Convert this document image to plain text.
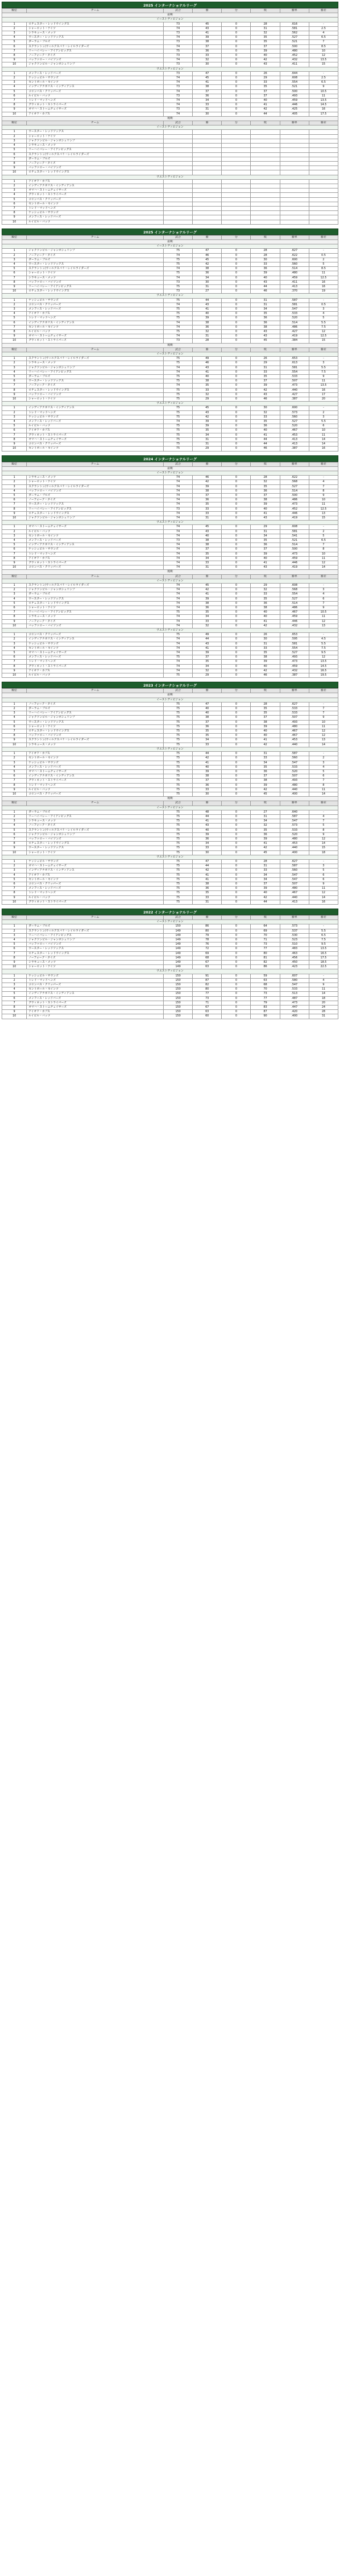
2025 インターナショナルリーグ
順位	チーム	試合	勝	分	敗	勝率	勝差
前期							
イーストディビジョン							
1	ロチェスター・レッドウイングス	73	45	0	28	.616	-
2	シャーロット・ナイツ	74	43	0	31	.581	2.5
3	シラキュース・メッツ	73	41	0	32	.562	4
4	ウースター・レッドソックス	74	39	0	35	.527	6.5
5	ダーラム・ブルズ	73	38	0	35	.521	7
6	スクラントン/ウィルクスバリ・レイルライダーズ	74	37	0	37	.500	8.5
7	リーハイバレー・アイアンピッグス	75	36	0	39	.480	10
8	ノーフォーク・タイズ	73	33	0	40	.452	12
9	バッファロー・バイソンズ	74	32	0	42	.432	13.5
10	ジャクソンビル・ジャンボシュリンプ	73	30	0	43	.411	15
ウエストディビジョン							
1	メンフィス・レッドバーズ	73	47	0	26	.644	-
2	ナッシュビル・サウンズ	74	45	0	29	.608	2.5
3	セントポール・セインツ	74	41	0	33	.554	6.5
4	インディアナポリス・インディアンス	73	38	0	35	.521	9
5	コロンバス・クリッパーズ	74	37	0	37	.500	10.5
6	ルイビル・バッツ	73	36	0	37	.493	11
7	トレド・マッドヘンズ	74	34	0	40	.459	13.5
8	グウィネット・ストライパーズ	74	33	0	41	.446	14.5
9	オマハ・ストームチェイサーズ	73	31	0	42	.425	16
10	アイオワ・カブス	74	30	0	44	.405	17.5
後期							
順位	チーム	試合	勝	分	敗	勝率	勝差
イーストディビジョン							
1	ウースター・レッドソックス						
2	シャーロット・ナイツ						
3	ジャクソンビル・ジャンボシュリンプ						
4	シラキュース・メッツ						
5	リーハイバレー・アイアンピッグス						
6	スクラントン/ウィルクスバリ・レイルライダーズ						
7	ダーラム・ブルズ						
8	ノーフォーク・タイズ						
9	バッファロー・バイソンズ						
10	ロチェスター・レッドウイングス						
ウエストディビジョン							
1	アイオワ・カブス						
2	インディアナポリス・インディアンス						
3	オマハ・ストームチェイサーズ						
4	グウィネット・ストライパーズ						
5	コロンバス・クリッパーズ						
6	セントポール・セインツ						
7	トレド・マッドヘンズ						
8	ナッシュビル・サウンズ						
9	メンフィス・レッドバーズ						
10	ルイビル・バッツ						
2025 インターナショナルリーグ
順位	チーム	試合	勝	分	敗	勝率	勝差
前期							
イーストディビジョン							
1	ジャクソンビル・ジャンボシュリンプ	75	47	0	28	.627	-
2	ノーフォーク・タイズ	74	46	0	28	.622	0.5
3	ダーラム・ブルズ	75	45	0	30	.600	2
4	ウースター・レッドソックス	75	42	0	33	.560	5
5	スクラントン/ウィルクスバリ・レイルライダーズ	74	38	0	36	.514	8.5
6	シャーロット・ナイツ	75	36	0	39	.480	11
7	シラキュース・メッツ	74	34	0	40	.459	12.5
8	バッファロー・バイソンズ	73	30	0	43	.411	16
9	リーハイバレー・アイアンピッグス	75	31	0	44	.413	16
10	ロチェスター・レッドウイングス	73	27	0	46	.370	19
ウエストディビジョン							
1	ナッシュビル・サウンズ	75	44	0	31	.587	-
2	コロンバス・クリッパーズ	74	43	0	31	.581	0.5
3	メンフィス・レッドバーズ	75	41	0	34	.547	3
4	アイオワ・カブス	75	40	0	35	.533	4
5	トレド・マッドヘンズ	75	39	0	36	.520	5
6	インディアナポリス・インディアンス	74	38	0	36	.514	5.5
7	セントポール・セインツ	74	36	0	38	.486	7.5
8	ルイビル・バッツ	75	32	0	43	.427	12
9	オマハ・ストームチェイサーズ	74	31	0	43	.419	12.5
10	グウィネット・ストライパーズ	73	28	0	45	.384	15
後期							
順位	チーム	試合	勝	分	敗	勝率	勝差
イーストディビジョン							
1	スクラントン/ウィルクスバリ・レイルライダーズ	75	49	0	26	.653	-
2	シラキュース・メッツ	75	46	0	29	.613	3
3	ジャクソンビル・ジャンボシュリンプ	74	43	0	31	.581	5.5
4	リーハイバレー・アイアンピッグス	74	41	0	33	.554	7.5
5	ダーラム・ブルズ	75	40	0	35	.533	9
6	ウースター・レッドソックス	75	38	0	37	.507	11
7	ノーフォーク・タイズ	74	35	0	39	.473	13.5
8	ロチェスター・レッドウイングス	75	33	0	42	.440	16
9	バッファロー・バイソンズ	75	32	0	43	.427	17
10	シャーロット・ナイツ	75	29	0	46	.387	20
ウエストディビジョン							
1	インディアナポリス・インディアンス	75	45	0	30	.600	-
2	トレド・マッドヘンズ	75	43	0	32	.573	2
3	ナッシュビル・サウンズ	75	42	0	33	.560	3
4	メンフィス・レッドバーズ	74	39	0	35	.527	5.5
5	ルイビル・バッツ	75	39	0	36	.520	6
6	アイオワ・カブス	75	35	0	40	.467	10
7	グウィネット・ストライパーズ	75	34	0	41	.453	11
8	オマハ・ストームチェイサーズ	75	31	0	44	.413	14
9	コロンバス・クリッパーズ	75	31	0	44	.413	14
10	セントポール・セインツ	75	29	0	46	.387	16
2024 インターナショナルリーグ
順位	チーム	試合	勝	分	敗	勝率	勝差
前期							
イーストディビジョン							
1	シラキュース・メッツ	74	46	0	28	.622	-
2	シャーロット・ナイツ	74	42	0	32	.568	4
3	スクラントン/ウィルクスバリ・レイルライダーズ	74	39	0	35	.527	7
4	バッファロー・バイソンズ	74	38	0	36	.514	8
5	ダーラム・ブルズ	74	37	0	37	.500	9
6	ノーフォーク・タイズ	74	36	0	38	.486	10
7	ウースター・レッドソックス	74	35	0	39	.473	11
8	リーハイバレー・アイアンピッグス	73	33	0	40	.452	12.5
9	ロチェスター・レッドウイングス	74	33	0	41	.446	13
10	ジャクソンビル・ジャンボシュリンプ	74	31	0	43	.419	15
ウエストディビジョン							
1	オマハ・ストームチェイサーズ	74	45	0	29	.608	-
2	ルイビル・バッツ	74	43	0	31	.581	2
3	セントポール・セインツ	74	40	0	34	.541	5
4	メンフィス・レッドバーズ	73	38	0	35	.521	6.5
5	インディアナポリス・インディアンス	74	38	0	36	.514	7
6	ナッシュビル・サウンズ	74	37	0	37	.500	8
7	トレド・マッドヘンズ	74	35	0	39	.473	10
8	アイオワ・カブス	74	34	0	40	.459	11
9	グウィネット・ストライパーズ	74	33	0	41	.446	12
10	コロンバス・クリッパーズ	74	31	0	43	.419	14
後期							
順位	チーム	試合	勝	分	敗	勝率	勝差
イーストディビジョン							
1	スクラントン/ウィルクスバリ・レイルライダーズ	74	45	0	29	.608	-
2	ジャクソンビル・ジャンボシュリンプ	74	42	0	32	.568	3
3	ダーラム・ブルズ	74	41	0	33	.554	4
4	ウースター・レッドソックス	74	39	0	35	.527	6
5	ロチェスター・レッドウイングス	74	38	0	36	.514	7
6	シャーロット・ナイツ	74	36	0	38	.486	9
7	リーハイバレー・アイアンピッグス	75	35	0	40	.467	10.5
8	シラキュース・メッツ	74	34	0	40	.459	11
9	ノーフォーク・タイズ	74	33	0	41	.446	12
10	バッファロー・バイソンズ	74	32	0	42	.432	13
ウエストディビジョン							
1	コロンバス・クリッパーズ	75	49	0	26	.653	-
2	インディアナポリス・インディアンス	74	44	0	30	.595	4.5
3	ナッシュビル・サウンズ	74	43	0	31	.581	5.5
4	セントポール・セインツ	74	41	0	33	.554	7.5
5	オマハ・ストームチェイサーズ	74	39	0	35	.527	9.5
6	メンフィス・レッドバーズ	75	37	0	38	.493	12
7	トレド・マッドヘンズ	74	35	0	39	.473	13.5
8	グウィネット・ストライパーズ	74	34	0	40	.459	14.5
9	アイオワ・カブス	74	32	0	42	.432	16.5
10	ルイビル・バッツ	75	29	0	46	.387	19.5
2023 インターナショナルリーグ
順位	チーム	試合	勝	分	敗	勝率	勝差
前期							
イーストディビジョン							
1	ノーフォーク・タイズ	75	47	0	28	.627	-
2	ダーラム・ブルズ	75	40	0	35	.533	7
3	リーハイバレー・アイアンピッグス	75	40	0	35	.533	7
4	ジャクソンビル・ジャンボシュリンプ	75	38	0	37	.507	9
5	ウースター・レッドソックス	75	37	0	38	.493	10
6	シャーロット・ナイツ	75	36	0	39	.480	11
7	ロチェスター・レッドウイングス	75	35	0	40	.467	12
8	バッファロー・バイソンズ	75	35	0	40	.467	12
9	スクラントン/ウィルクスバリ・レイルライダーズ	75	34	0	41	.453	13
10	シラキュース・メッツ	75	33	0	42	.440	14
ウエストディビジョン							
1	アイオワ・カブス	75	44	0	31	.587	-
2	セントポール・セインツ	75	42	0	33	.560	2
3	ナッシュビル・サウンズ	75	41	0	34	.547	3
4	メンフィス・レッドバーズ	75	40	0	35	.533	4
5	オマハ・ストームチェイサーズ	75	39	0	36	.520	5
6	インディアナポリス・インディアンス	75	38	0	37	.507	6
7	グウィネット・ストライパーズ	75	37	0	38	.493	7
8	トレド・マッドヘンズ	75	36	0	39	.480	8
9	ルイビル・バッツ	75	33	0	42	.440	11
10	コロンバス・クリッパーズ	75	30	0	45	.400	14
後期							
順位	チーム	試合	勝	分	敗	勝率	勝差
イーストディビジョン							
1	ダーラム・ブルズ	75	48	0	27	.640	-
2	リーハイバレー・アイアンピッグス	75	44	0	31	.587	4
3	シラキュース・メッツ	75	41	0	34	.547	7
4	ノーフォーク・タイズ	75	43	0	32	.573	5
5	スクラントン/ウィルクスバリ・レイルライダーズ	75	40	0	35	.533	8
6	ジャクソンビル・ジャンボシュリンプ	75	39	0	36	.520	9
7	バッファロー・バイソンズ	75	36	0	39	.480	12
8	ロチェスター・レッドウイングス	75	34	0	41	.453	14
9	ウースター・レッドソックス	75	33	0	42	.440	15
10	シャーロット・ナイツ	75	30	0	45	.400	18
ウエストディビジョン							
1	ナッシュビル・サウンズ	75	47	0	28	.627	-
2	オマハ・ストームチェイサーズ	75	44	0	31	.587	3
3	インディアナポリス・インディアンス	75	42	0	33	.560	5
4	アイオワ・カブス	75	41	0	34	.547	6
5	セントポール・セインツ	75	41	0	34	.547	6
6	コロンバス・クリッパーズ	75	38	0	37	.507	9
7	メンフィス・レッドバーズ	75	36	0	39	.480	11
8	トレド・マッドヘンズ	75	35	0	40	.467	12
9	ルイビル・バッツ	75	33	0	42	.440	14
10	グウィネット・ストライパーズ	75	31	0	44	.413	16
2022 インターナショナルリーグ
順位	チーム	試合	勝	分	敗	勝率	勝差
イーストディビジョン							
1	ダーラム・ブルズ	150	86	0	64	.573	-
2	スクラントン/ウィルクスバリ・レイルライダーズ	149	80	0	69	.537	5.5
3	リーハイバレー・アイアンピッグス	149	79	0	70	.530	6.5
4	ジャクソンビル・ジャンボシュリンプ	149	78	0	71	.523	7.5
5	バッファロー・バイソンズ	149	76	0	73	.510	9.5
6	ウースター・レッドソックス	149	72	0	77	.483	13.5
7	ロチェスター・レッドウイングス	149	69	0	80	.463	16.5
8	ノーフォーク・タイズ	149	68	0	81	.456	17.5
9	シラキュース・メッツ	149	67	0	82	.450	18.5
10	シャーロット・ナイツ	149	63	0	86	.423	22.5
ウエストディビジョン							
1	ナッシュビル・サウンズ	150	91	0	59	.607	-
2	トレド・マッドヘンズ	150	87	0	63	.580	4
3	コロンバス・クリッパーズ	150	82	0	68	.547	9
4	セントポール・セインツ	150	80	0	70	.533	11
5	インディアナポリス・インディアンス	150	77	0	73	.513	14
6	メンフィス・レッドバーズ	150	73	0	77	.487	18
7	グウィネット・ストライパーズ	150	71	0	79	.473	20
8	オマハ・ストームチェイサーズ	150	67	0	83	.447	24
9	アイオワ・カブス	150	63	0	87	.420	28
10	ルイビル・バッツ	150	60	0	90	.400	31
